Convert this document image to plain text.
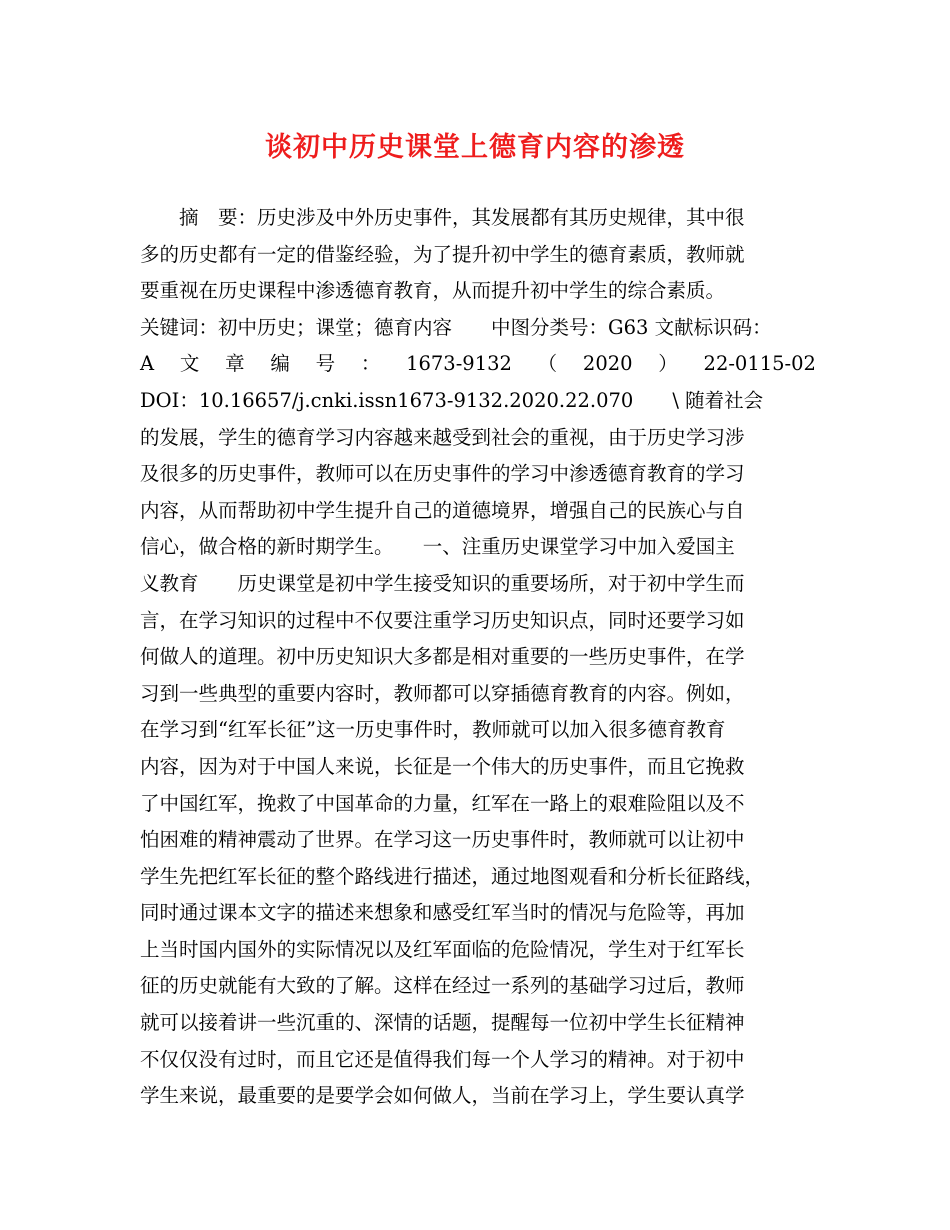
谈初中历史课堂上德育内容的渗透
　　摘　要：历史涉及中外历史事件，其发展都有其历史规律，其中很
多的历史都有一定的借鉴经验，为了提升初中学生的德育素质，教师就
要重视在历史课程中渗透德育教育，从而提升初中学生的综合素质。
关键词：初中历史；课堂；德育内容　　中图分类号：G63 文献标识码：
A 文 章 编 号 ： 1673-9132 （ 2020 ） 22-0115-02
DOI：10.16657/j.cnki.issn1673-9132.2020.22.070　　\ 随着社会
的发展，学生的德育学习内容越来越受到社会的重视，由于历史学习涉
及很多的历史事件，教师可以在历史事件的学习中渗透德育教育的学习
内容，从而帮助初中学生提升自己的道德境界，增强自己的民族心与自
信心，做合格的新时期学生。　　一、注重历史课堂学习中加入爱国主
义教育　　历史课堂是初中学生接受知识的重要场所，对于初中学生而
言，在学习知识的过程中不仅要注重学习历史知识点，同时还要学习如
何做人的道理。初中历史知识大多都是相对重要的一些历史事件，在学
习到一些典型的重要内容时，教师都可以穿插德育教育的内容。例如，
在学习到“红军长征”这一历史事件时，教师就可以加入很多德育教育
内容，因为对于中国人来说，长征是一个伟大的历史事件，而且它挽救
了中国红军，挽救了中国革命的力量，红军在一路上的艰难险阻以及不
怕困难的精神震动了世界。在学习这一历史事件时，教师就可以让初中
学生先把红军长征的整个路线进行描述，通过地图观看和分析长征路线，
同时通过课本文字的描述来想象和感受红军当时的情况与危险等，再加
上当时国内国外的实际情况以及红军面临的危险情况，学生对于红军长
征的历史就能有大致的了解。这样在经过一系列的基础学习过后，教师
就可以接着讲一些沉重的、深情的话题，提醒每一位初中学生长征精神
不仅仅没有过时，而且它还是值得我们每一个人学习的精神。对于初中
学生来说，最重要的是要学会如何做人，当前在学习上，学生要认真学
